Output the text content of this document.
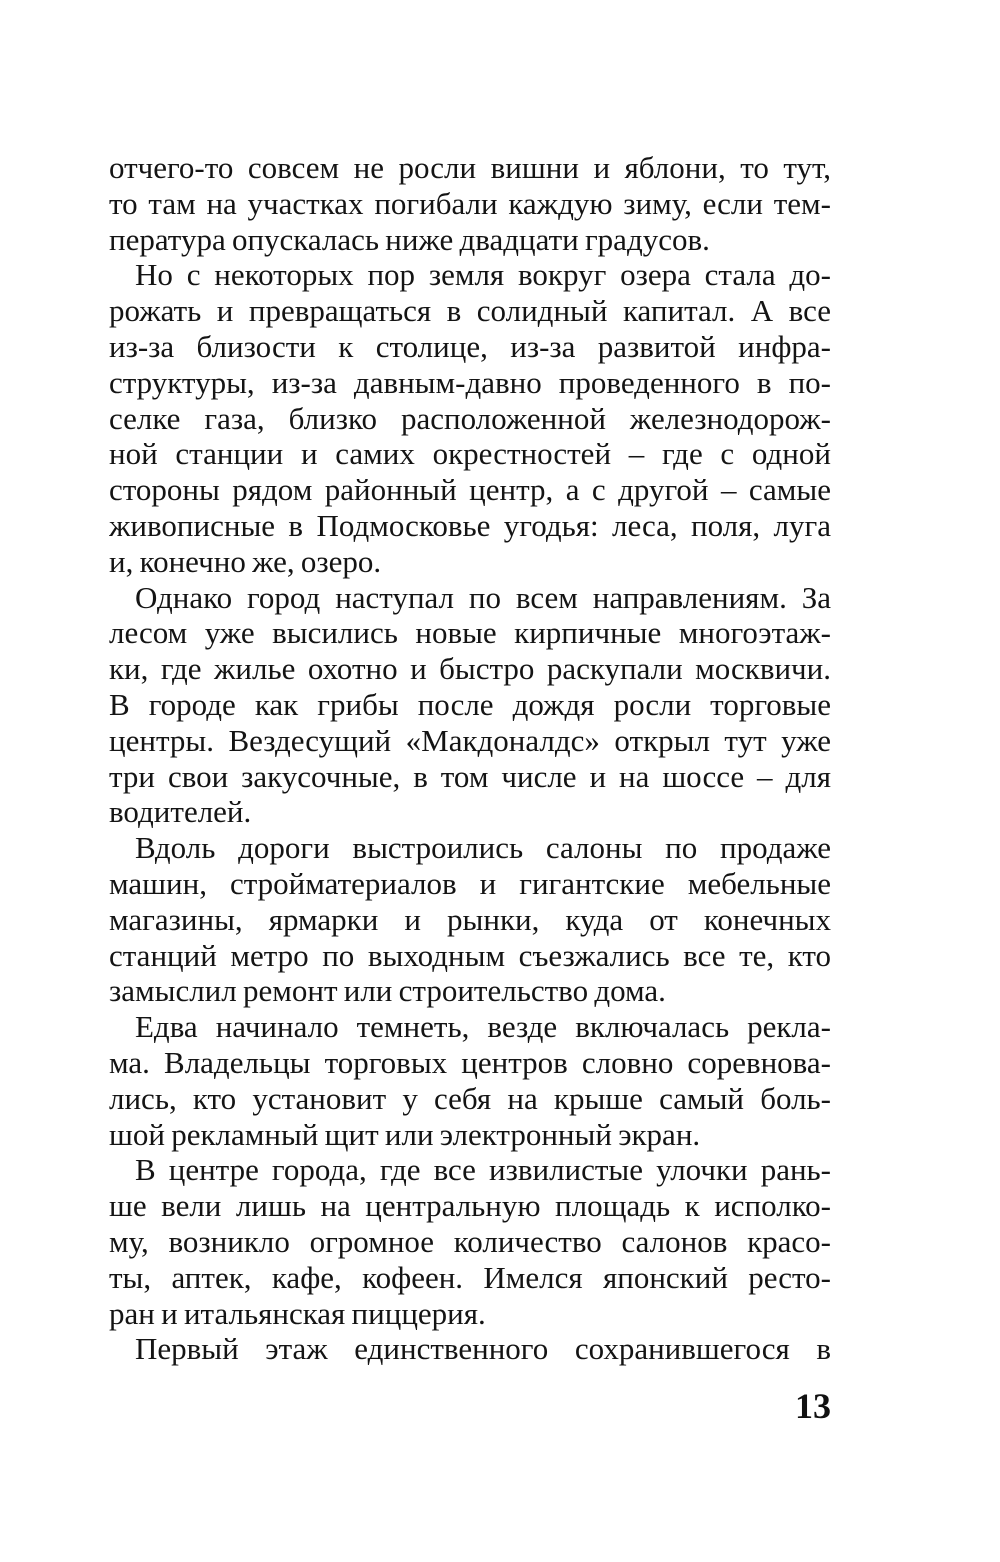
отчего-то совсем не росли вишни и яблони, то тут,
то там на участках погибали каждую зиму, если тем-
пература опускалась ниже двадцати градусов.
Но с некоторых пор земля вокруг озера стала до-
рожать и превращаться в солидный капитал. А все
из-за близости к столице, из-за развитой инфра-
структуры, из-за давным-давно проведенного в по-
селке газа, близко расположенной железнодорож-
ной станции и самих окрестностей – где с одной
стороны рядом районный центр, а с другой – самые
живописные в Подмосковье угодья: леса, поля, луга
и, конечно же, озеро.
Однако город наступал по всем направлениям. За
лесом уже высились новые кирпичные многоэтаж-
ки, где жилье охотно и быстро раскупали москвичи.
В городе как грибы после дождя росли торговые
центры. Вездесущий «Макдоналдс» открыл тут уже
три свои закусочные, в том числе и на шоссе – для
водителей.
Вдоль дороги выстроились салоны по продаже
машин, стройматериалов и гигантские мебельные
магазины, ярмарки и рынки, куда от конечных
станций метро по выходным съезжались все те, кто
замыслил ремонт или строительство дома.
Едва начинало темнеть, везде включалась рекла-
ма. Владельцы торговых центров словно соревнова-
лись, кто установит у себя на крыше самый боль-
шой рекламный щит или электронный экран.
В центре города, где все извилистые улочки рань-
ше вели лишь на центральную площадь к исполко-
му, возникло огромное количество салонов красо-
ты, аптек, кафе, кофеен. Имелся японский ресто-
ран и итальянская пиццерия.
Первый этаж единственного сохранившегося в
13
